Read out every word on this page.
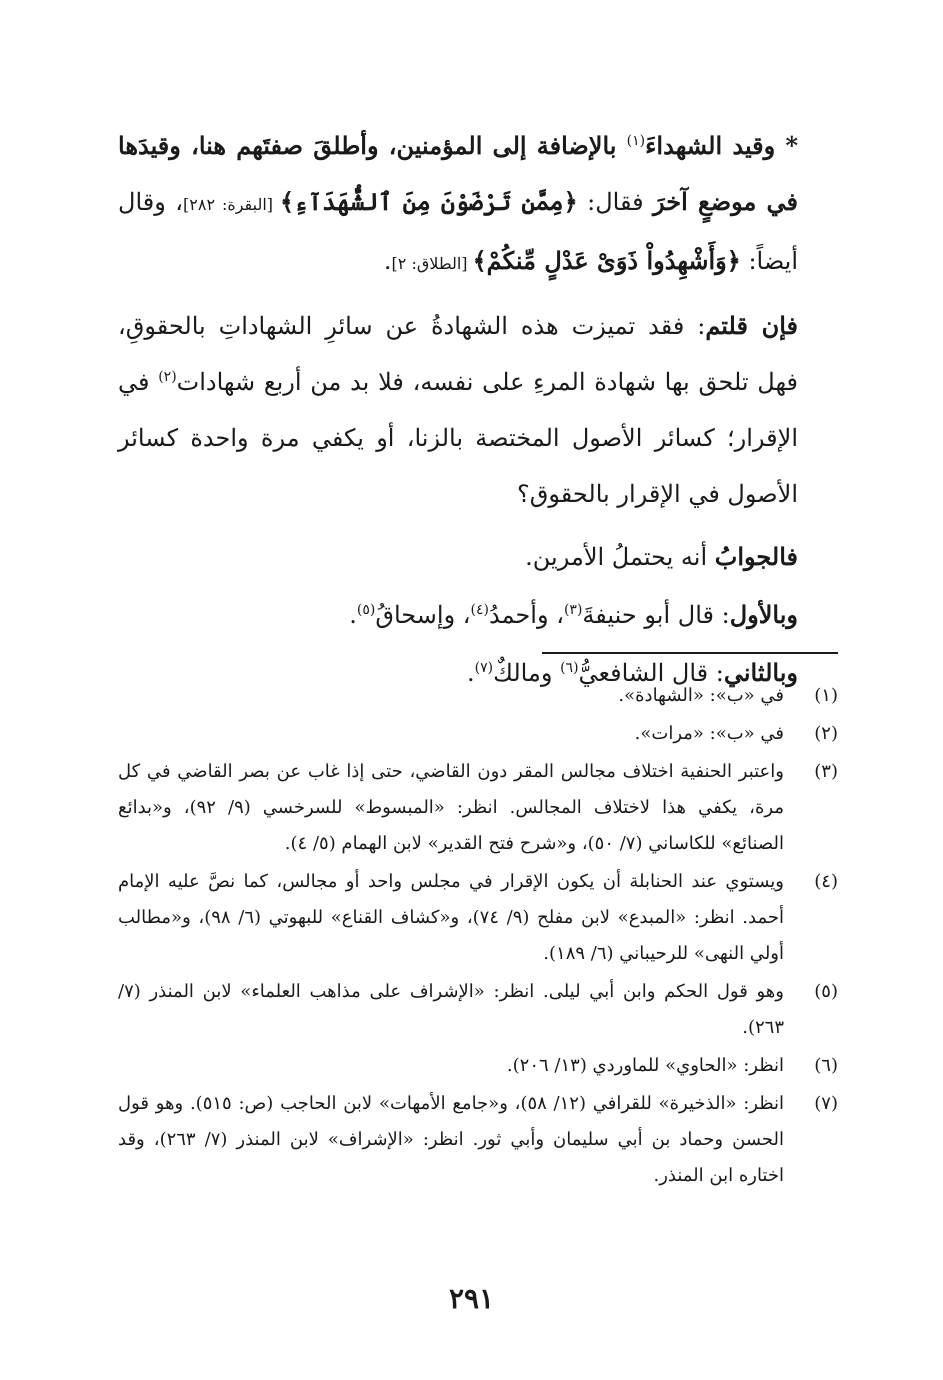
* وقيد الشهداءَ$^{(١)}$ بالإضافة إلى المؤمنين، وأطلقَ صفتَهم هنا، وقيدَها في موضعٍ آخرَ فقال: ﴿مِمَّن تَرْضَوْنَ مِنَ ٱلشُّهَدَآءِ﴾ [البقرة: ٢٨٢]، وقال أيضاً: ﴿وَأَشْهِدُواْ ذَوَىْ عَدْلٍ مِّنكُمْ﴾ [الطلاق: ٢].

فإن قلتم: فقد تميزت هذه الشهادةُ عن سائرِ الشهاداتِ بالحقوقِ، فهل تلحق بها شهادة المرءِ على نفسه، فلا بد من أربع شهادات$^{(٢)}$ في الإقرار؛ كسائر الأصول المختصة بالزنا، أو يكفي مرة واحدة كسائر الأصول في الإقرار بالحقوق؟

فالجوابُ أنه يحتملُ الأمرين.

وبالأول: قال أبو حنيفةَ$^{(٣)}$، وأحمدُ$^{(٤)}$، وإسحاقُ$^{(٥)}$.

وبالثاني: قال الشافعيُّ$^{(٦)}$ ومالكٌ$^{(٧)}$.

(١)
في «ب»: «الشهادة».
(٢)
في «ب»: «مرات».
(٣)
واعتبر الحنفية اختلاف مجالس المقر دون القاضي، حتى إذا غاب عن بصر القاضي في كل مرة، يكفي هذا لاختلاف المجالس. انظر: «المبسوط» للسرخسي (٩/ ٩٢)، و«بدائع الصنائع» للكاساني (٧/ ٥٠)، و«شرح فتح القدير» لابن الهمام (٥/ ٤).
(٤)
ويستوي عند الحنابلة أن يكون الإقرار في مجلس واحد أو مجالس، كما نصَّ عليه الإمام أحمد. انظر: «المبدع» لابن مفلح (٩/ ٧٤)، و«كشاف القناع» للبهوتي (٦/ ٩٨)، و«مطالب أولي النهى» للرحيباني (٦/ ١٨٩).
(٥)
وهو قول الحكم وابن أبي ليلى. انظر: «الإشراف على مذاهب العلماء» لابن المنذر (٧/ ٢٦٣).
(٦)
انظر: «الحاوي» للماوردي (١٣/ ٢٠٦).
(٧)
انظر: «الذخيرة» للقرافي (١٢/ ٥٨)، و«جامع الأمهات» لابن الحاجب (ص: ٥١٥). وهو قول الحسن وحماد بن أبي سليمان وأبي ثور. انظر: «الإشراف» لابن المنذر (٧/ ٢٦٣)، وقد اختاره ابن المنذر.
٢٩١
